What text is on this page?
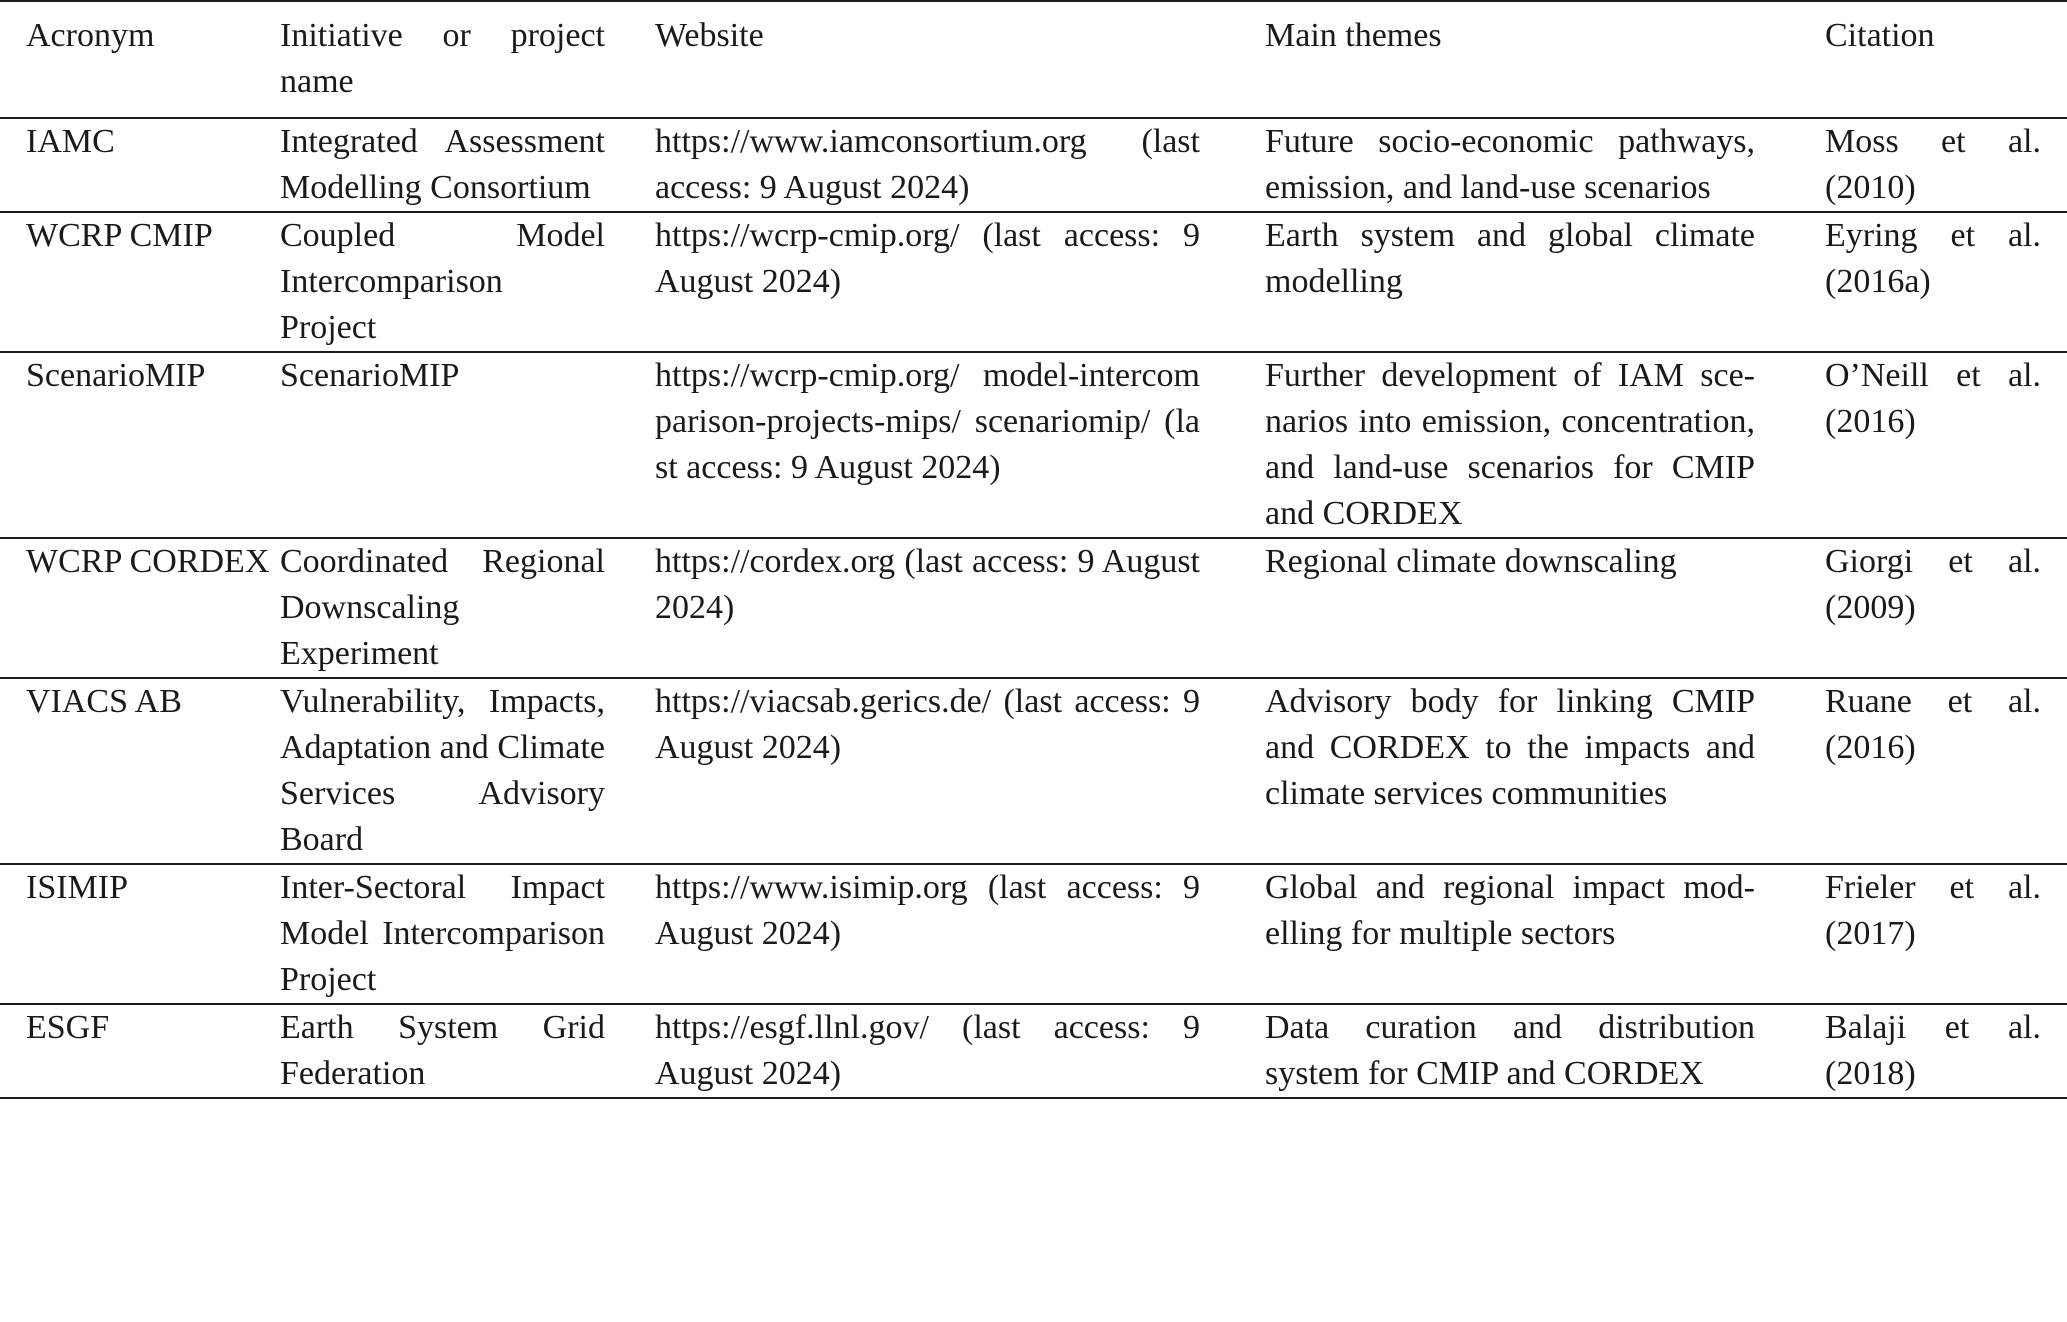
Acronym	Initiative or project name	Website	Main themes	Citation
IAMC	Integrated Assessment Modelling Consortium	https://www.iamconsortium.org (last access: 9 August 2024)	Future socio-economic pathways, emission, and land-use scenarios	Moss et al. (2010)
WCRP CMIP	Coupled Model Intercomparison Project	https://wcrp-cmip.org/ (last access: 9 August 2024)	Earth system and global climate modelling	Eyring et al. (2016a)
ScenarioMIP	ScenarioMIP	https://wcrp-cmip.org/ model-intercomparison-projects-mips/ scenariomip/ (last access: 9 August 2024)	Further development of IAM scenarios into emission, concentration, and land-use scenarios for CMIP and CORDEX	O’Neill et al. (2016)
WCRP CORDEX	Coordinated Regional Downscaling Experiment	https://cordex.org (last access: 9 August 2024)	Regional climate downscaling	Giorgi et al. (2009)
VIACS AB	Vulnerability, Impacts, Adaptation and Climate Services Advisory Board	https://viacsab.gerics.de/ (last access: 9 August 2024)	Advisory body for linking CMIP and CORDEX to the impacts and climate services communities	Ruane et al. (2016)
ISIMIP	Inter-Sectoral Impact Model Intercomparison Project	https://www.isimip.org (last access: 9 August 2024)	Global and regional impact modelling for multiple sectors	Frieler et al. (2017)
ESGF	Earth System Grid Federation	https://esgf.llnl.gov/ (last access: 9 August 2024)	Data curation and distribution system for CMIP and CORDEX	Balaji et al. (2018)
